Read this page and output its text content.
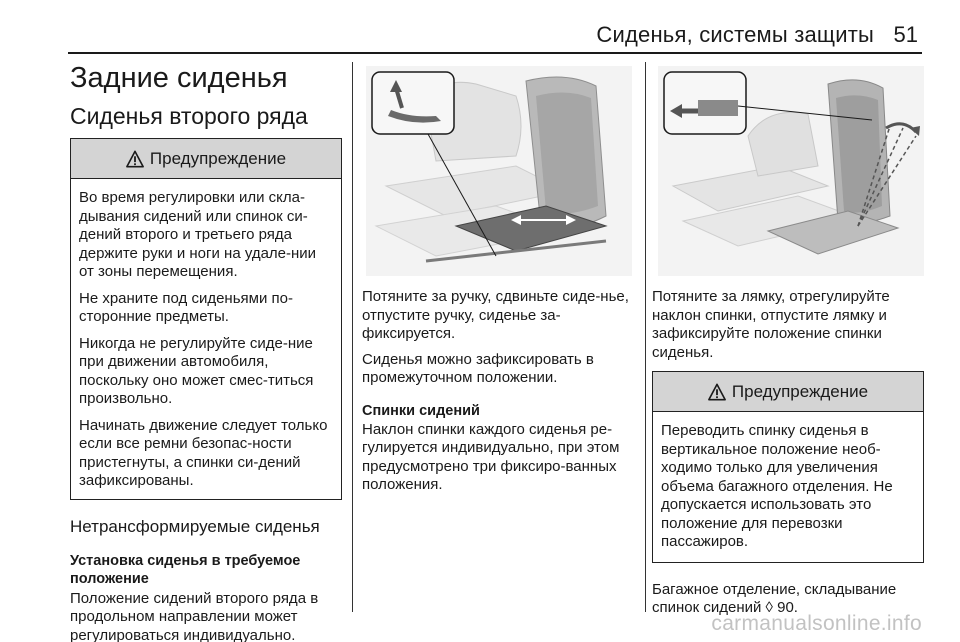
Сиденья, системы защиты 51
Задние сиденья
Сиденья второго ряда
Предупреждение

Во время регулировки или скла-дывания сидений или спинок си-дений второго и третьего ряда держите руки и ноги на удале-нии от зоны перемещения.

Не храните под сиденьями по-сторонние предметы.

Никогда не регулируйте сиде-ние при движении автомобиля, поскольку оно может смес-титься произвольно.

Начинать движение следует только если все ремни безопас-ности пристегнуты, а спинки си-дений зафиксированы.

Нетрансформируемые сиденья
Установка сиденья в требуемое положение

Положение сидений второго ряда в продольном направлении может регулироваться индивидуально.

Потяните за ручку, сдвиньте сиде-нье, отпустите ручку, сиденье за-фиксируется.

Сиденья можно зафиксировать в промежуточном положении.

Спинки сидений

Наклон спинки каждого сиденья ре-гулируется индивидуально, при этом предусмотрено три фиксиро-ванных положения.

Потяните за лямку, отрегулируйте наклон спинки, отпустите лямку и зафиксируйте положение спинки сиденья.

Предупреждение

Переводить спинку сиденья в вертикальное положение необ-ходимо только для увеличения объема багажного отделения. Не допускается использовать это положение для перевозки пассажиров.

Багажное отделение, складывание спинок сидений ◊ 90.

carmanualsonline.info
